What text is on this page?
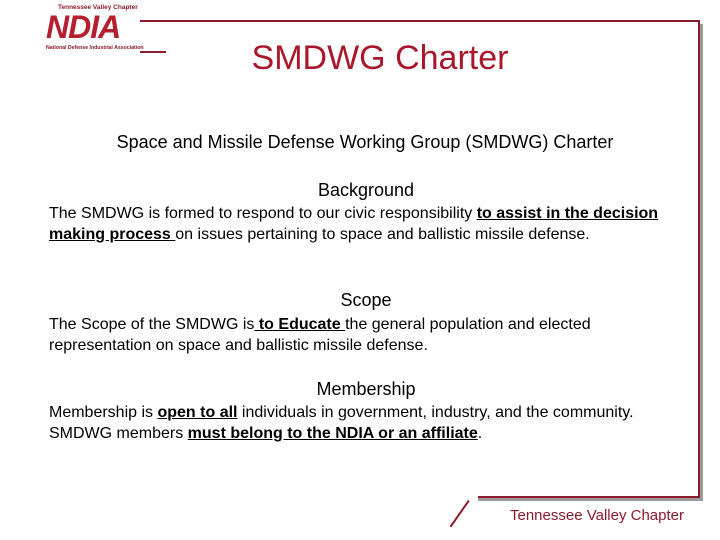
Tennessee Valley Chapter
NDIA
National Defense Industrial Association	SMDWG Charter
Space and Missile Defense Working Group (SMDWG) Charter
Background
The SMDWG is formed to respond to our civic responsibility to assist in the decision making process on issues pertaining to space and ballistic missile defense.
Scope
The Scope of the SMDWG is to Educate the general population and elected representation on space and ballistic missile defense.
Membership
Membership is open to all individuals in government, industry, and the community. SMDWG members must belong to the NDIA or an affiliate.
Tennessee Valley Chapter
